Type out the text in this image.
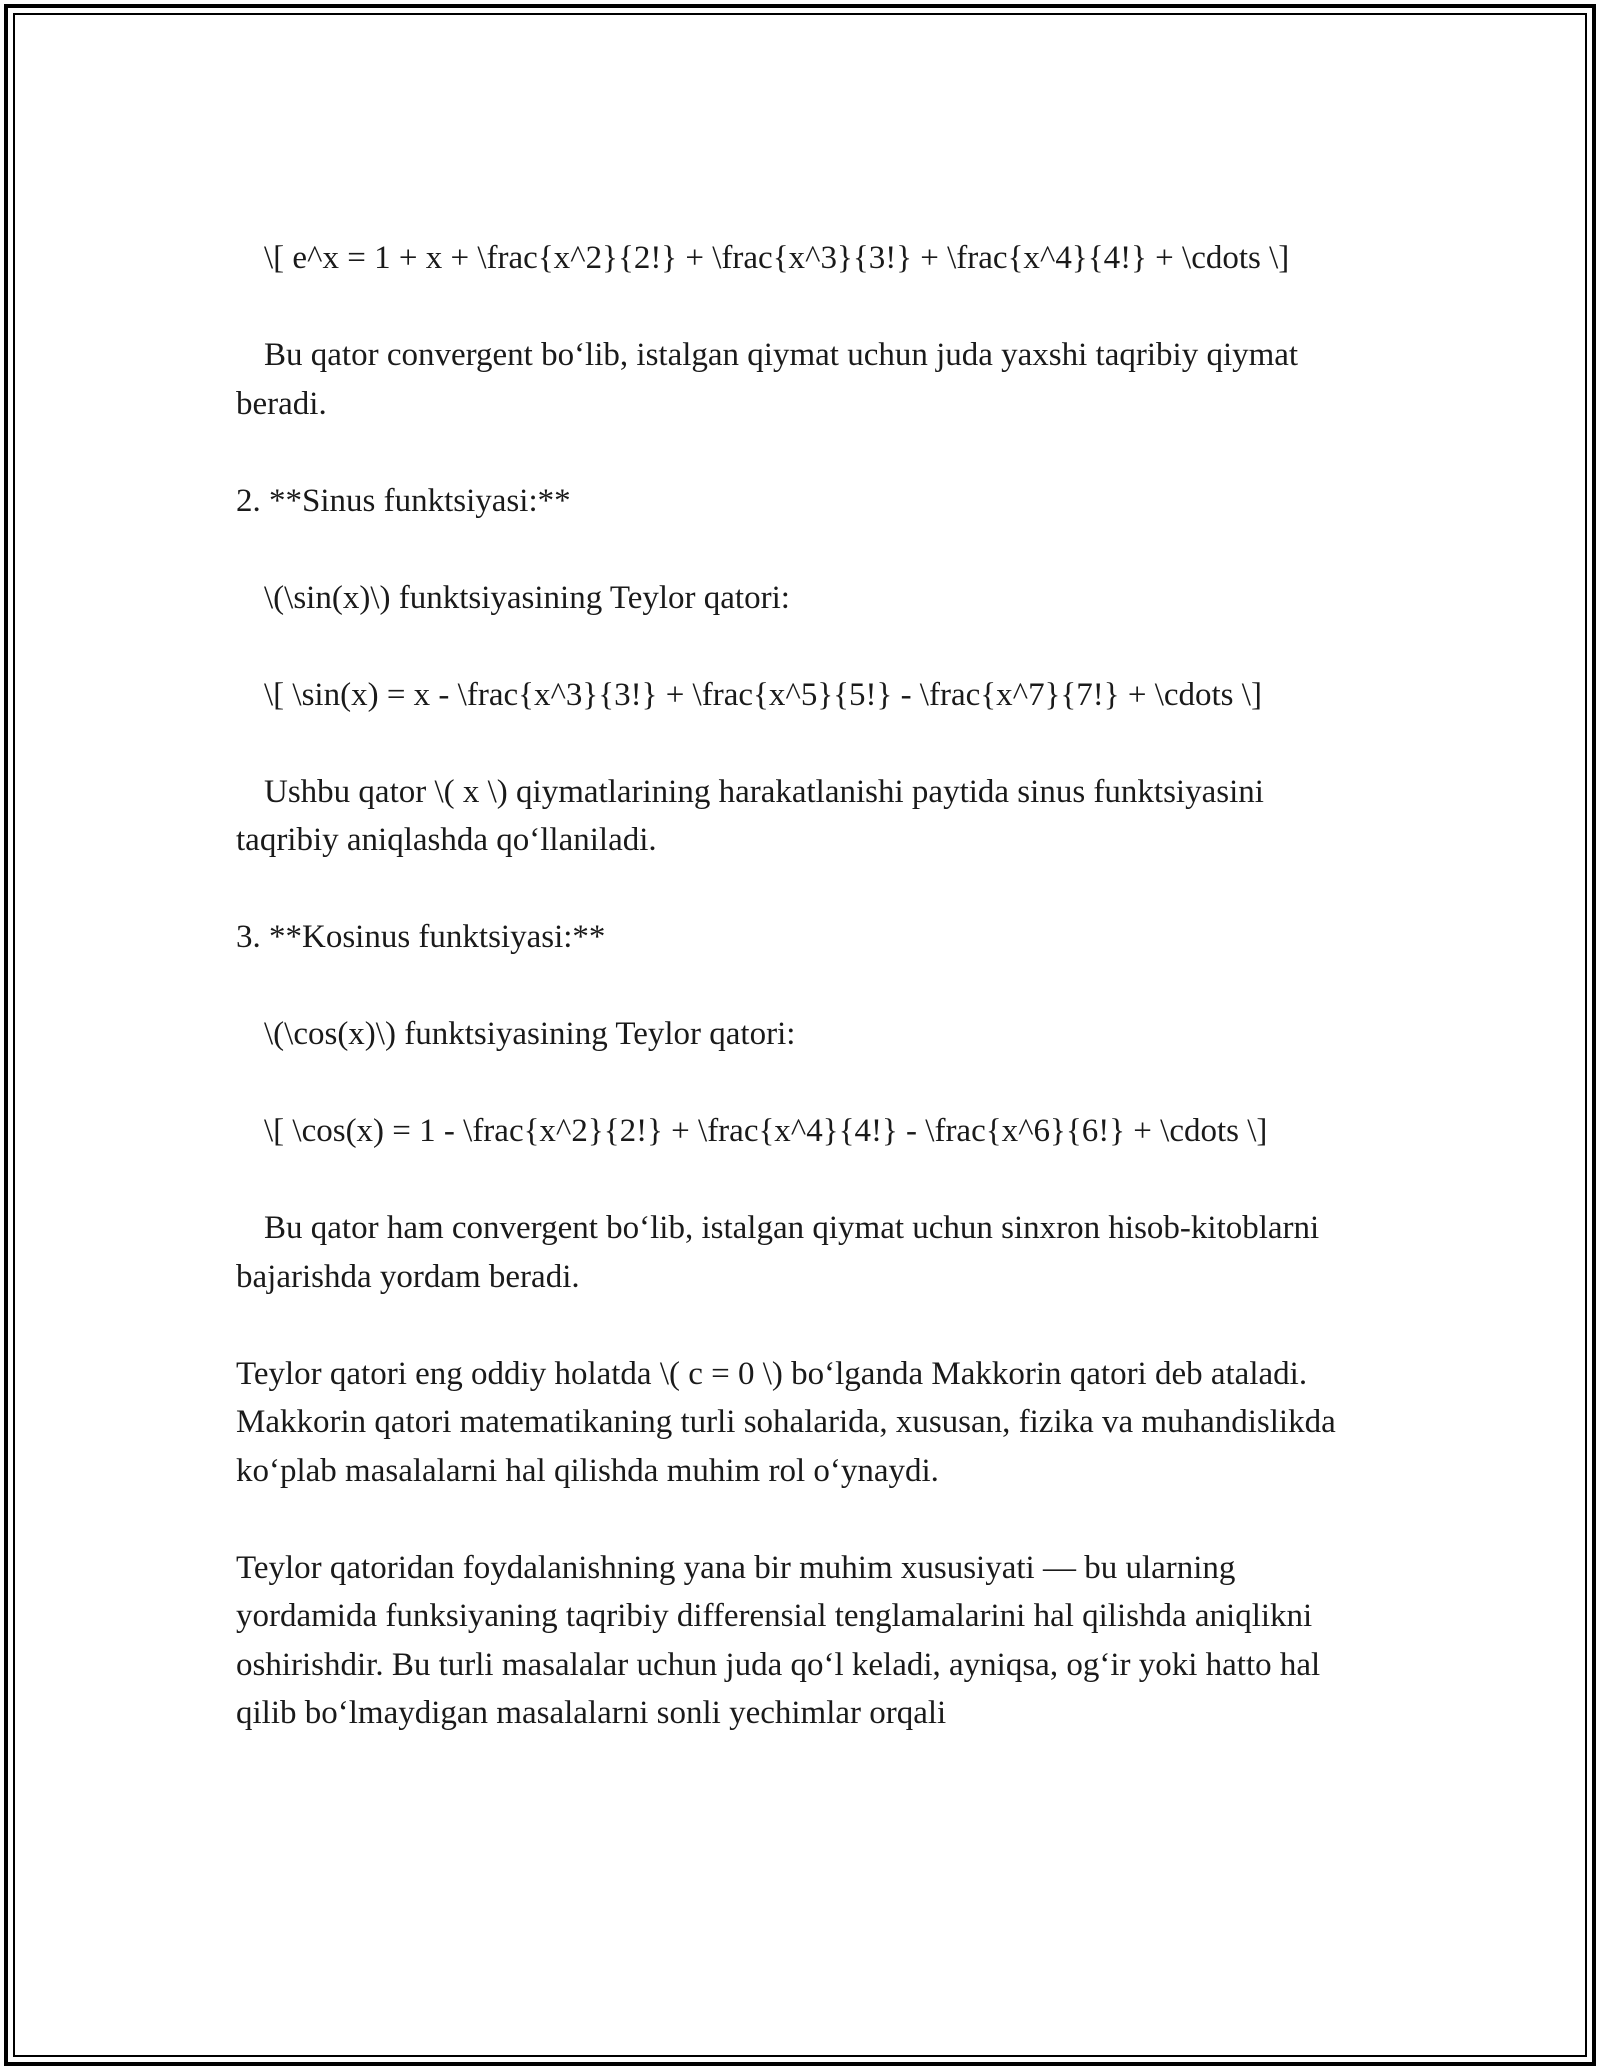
\[ e^x = 1 + x + \frac{x^2}{2!} + \frac{x^3}{3!} + \frac{x^4}{4!} + \cdots \]

Bu qator convergent bo‘lib, istalgan qiymat uchun juda yaxshi taqribiy qiymat beradi.

2. **Sinus funktsiyasi:**

\(\sin(x)\) funktsiyasining Teylor qatori:

\[ \sin(x) = x - \frac{x^3}{3!} + \frac{x^5}{5!} - \frac{x^7}{7!} + \cdots \]

Ushbu qator \( x \) qiymatlarining harakatlanishi paytida sinus funktsiyasini taqribiy aniqlashda qo‘llaniladi.

3. **Kosinus funktsiyasi:**

\(\cos(x)\) funktsiyasining Teylor qatori:

\[ \cos(x) = 1 - \frac{x^2}{2!} + \frac{x^4}{4!} - \frac{x^6}{6!} + \cdots \]

Bu qator ham convergent bo‘lib, istalgan qiymat uchun sinxron hisob-kitoblarni bajarishda yordam beradi.

Teylor qatori eng oddiy holatda \( c = 0 \) bo‘lganda Makkorin qatori deb ataladi. Makkorin qatori matematikaning turli sohalarida, xususan, fizika va muhandislikda ko‘plab masalalarni hal qilishda muhim rol o‘ynaydi.

Teylor qatoridan foydalanishning yana bir muhim xususiyati — bu ularning yordamida funksiyaning taqribiy differensial tenglamalarini hal qilishda aniqlikni oshirishdir. Bu turli masalalar uchun juda qo‘l keladi, ayniqsa, og‘ir yoki hatto hal qilib bo‘lmaydigan masalalarni sonli yechimlar orqali
